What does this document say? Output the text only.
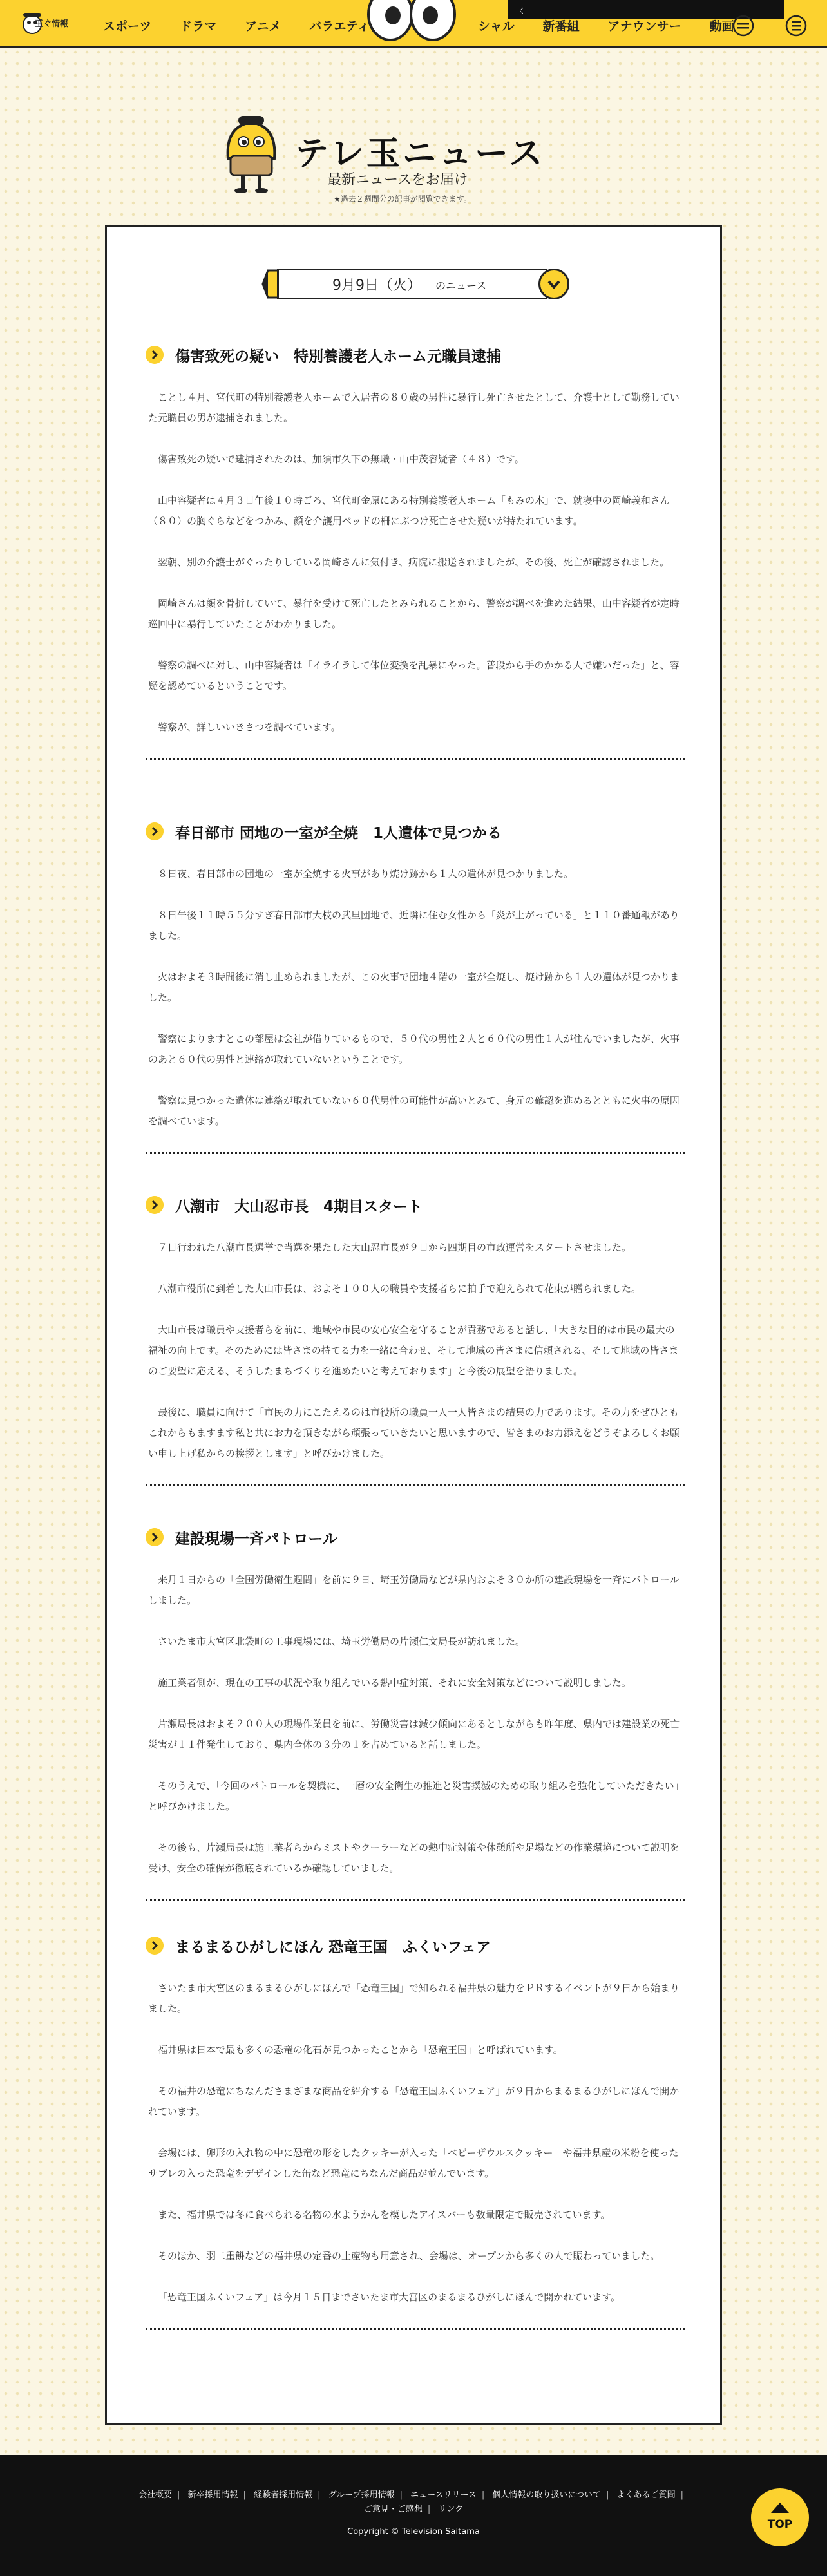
玉ぐ情報	スポーツ ドラマ アニメ バラエティ
く
シャル 新番組 アナウンサー 動画
テレ玉ニュース

最新ニュースをお届け

★過去２週間分の記事が閲覧できます。

9月9日（火） のニュース
傷害致死の疑い　特別養護老人ホーム元職員逮捕

ことし４月、宮代町の特別養護老人ホームで入居者の８０歳の男性に暴行し死亡させたとして、介護士として勤務していた元職員の男が逮捕されました。

傷害致死の疑いで逮捕されたのは、加須市久下の無職・山中茂容疑者（４８）です。

山中容疑者は４月３日午後１０時ごろ、宮代町金原にある特別養護老人ホーム「もみの木」で、就寝中の岡崎義和さん（８０）の胸ぐらなどをつかみ、顔を介護用ベッドの柵にぶつけ死亡させた疑いが持たれています。

翌朝、別の介護士がぐったりしている岡崎さんに気付き、病院に搬送されましたが、その後、死亡が確認されました。

岡崎さんは顔を骨折していて、暴行を受けて死亡したとみられることから、警察が調べを進めた結果、山中容疑者が定時巡回中に暴行していたことがわかりました。

警察の調べに対し、山中容疑者は「イライラして体位変換を乱暴にやった。普段から手のかかる人で嫌いだった」と、容疑を認めているということです。

警察が、詳しいいきさつを調べています。

春日部市 団地の一室が全焼　1人遺体で見つかる

８日夜、春日部市の団地の一室が全焼する火事があり焼け跡から１人の遺体が見つかりました。

８日午後１１時５５分すぎ春日部市大枝の武里団地で、近隣に住む女性から「炎が上がっている」と１１０番通報がありました。

火はおよそ３時間後に消し止められましたが、この火事で団地４階の一室が全焼し、焼け跡から１人の遺体が見つかりました。

警察によりますとこの部屋は会社が借りているもので、５０代の男性２人と６０代の男性１人が住んでいましたが、火事のあと６０代の男性と連絡が取れていないということです。

警察は見つかった遺体は連絡が取れていない６０代男性の可能性が高いとみて、身元の確認を進めるとともに火事の原因を調べています。

八潮市　大山忍市長　4期目スタート

７日行われた八潮市長選挙で当選を果たした大山忍市長が９日から四期目の市政運営をスタートさせました。

八潮市役所に到着した大山市長は、およそ１００人の職員や支援者らに拍手で迎えられて花束が贈られました。

大山市長は職員や支援者らを前に、地域や市民の安心安全を守ることが責務であると話し、「大きな目的は市民の最大の福祉の向上です。そのためには皆さまの持てる力を一緒に合わせ、そして地域の皆さまに信頼される、そして地域の皆さまのご要望に応える、そうしたまちづくりを進めたいと考えております」と今後の展望を語りました。

最後に、職員に向けて「市民の力にこたえるのは市役所の職員一人一人皆さまの結集の力であります。その力をぜひともこれからもますます私と共にお力を頂きながら頑張っていきたいと思いますので、皆さまのお力添えをどうぞよろしくお願い申し上げ私からの挨拶とします」と呼びかけました。

建設現場一斉パトロール

来月１日からの「全国労働衛生週間」を前に９日、埼玉労働局などが県内およそ３０か所の建設現場を一斉にパトロールしました。

さいたま市大宮区北袋町の工事現場には、埼玉労働局の片瀬仁文局長が訪れました。

施工業者側が、現在の工事の状況や取り組んでいる熱中症対策、それに安全対策などについて説明しました。

片瀬局長はおよそ２００人の現場作業員を前に、労働災害は減少傾向にあるとしながらも昨年度、県内では建設業の死亡災害が１１件発生しており、県内全体の３分の１を占めていると話しました。

そのうえで、「今回のパトロールを契機に、一層の安全衛生の推進と災害撲滅のための取り組みを強化していただきたい」と呼びかけました。

その後も、片瀬局長は施工業者らからミストやクーラーなどの熱中症対策や休憩所や足場などの作業環境について説明を受け、安全の確保が徹底されているか確認していました。

まるまるひがしにほん 恐竜王国　ふくいフェア

さいたま市大宮区のまるまるひがしにほんで「恐竜王国」で知られる福井県の魅力をＰＲするイベントが９日から始まりました。

福井県は日本で最も多くの恐竜の化石が見つかったことから「恐竜王国」と呼ばれています。

その福井の恐竜にちなんださまざまな商品を紹介する「恐竜王国ふくいフェア」が９日からまるまるひがしにほんで開かれています。

会場には、卵形の入れ物の中に恐竜の形をしたクッキーが入った「ベビーザウルスクッキー」や福井県産の米粉を使ったサブレの入った恐竜をデザインした缶など恐竜にちなんだ商品が並んでいます。

また、福井県では冬に食べられる名物の水ようかんを模したアイスバーも数量限定で販売されています。

そのほか、羽二重餅などの福井県の定番の土産物も用意され、会場は、オープンから多くの人で賑わっていました。

「恐竜王国ふくいフェア」は今月１５日までさいたま市大宮区のまるまるひがしにほんで開かれています。

会社概要 | 新卒採用情報 | 経験者採用情報 | グループ採用情報 | ニュースリリース | 個人情報の取り扱いについて | よくあるご質問 |
ご意見・ご感想 | リンク
Copyright © Television Saitama
TOP
